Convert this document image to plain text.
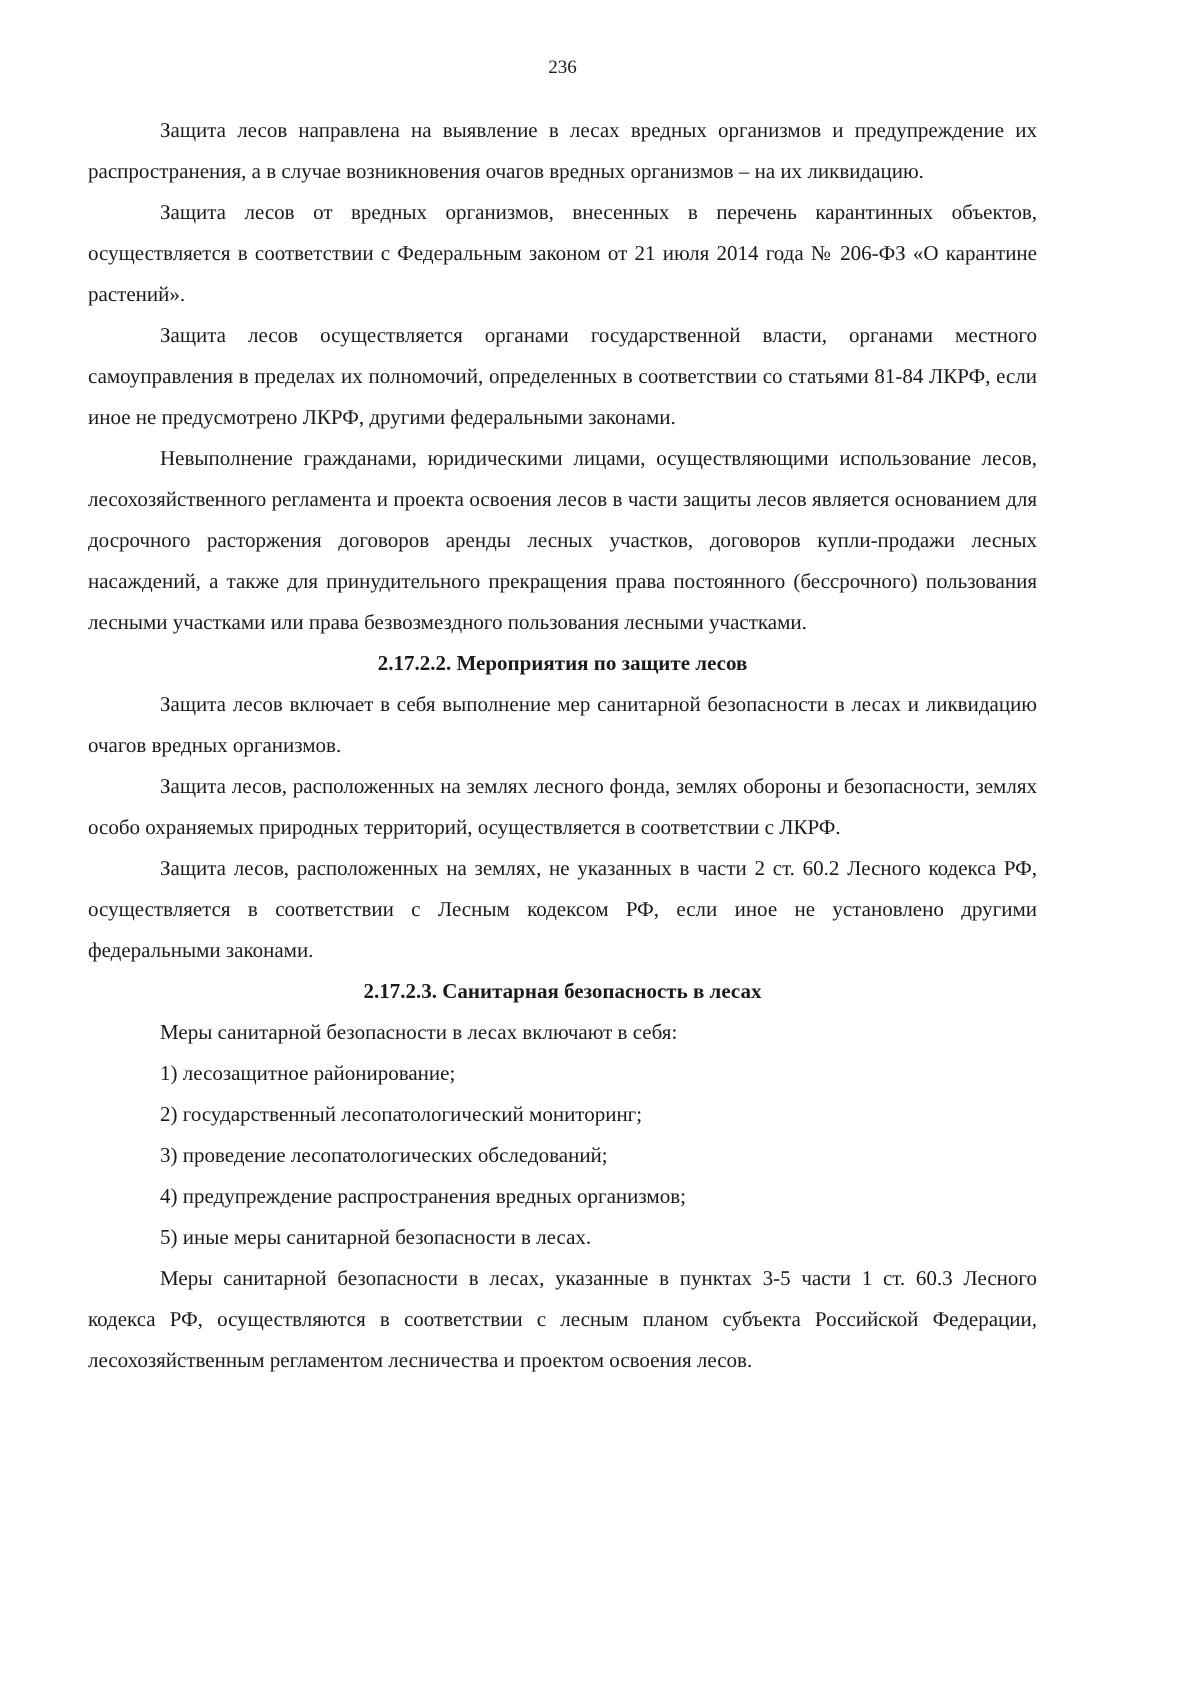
236

Защита лесов направлена на выявление в лесах вредных организмов и предупреждение их распространения, а в случае возникновения очагов вредных организмов – на их ликвидацию.

Защита лесов от вредных организмов, внесенных в перечень карантинных объектов, осуществляется в соответствии с Федеральным законом от 21 июля 2014 года № 206-ФЗ «О карантине растений».

Защита лесов осуществляется органами государственной власти, органами местного самоуправления в пределах их полномочий, определенных в соответствии со статьями 81-84 ЛКРФ, если иное не предусмотрено ЛКРФ, другими федеральными законами.

Невыполнение гражданами, юридическими лицами, осуществляющими использование лесов, лесохозяйственного регламента и проекта освоения лесов в части защиты лесов является основанием для досрочного расторжения договоров аренды лесных участков, договоров купли-продажи лесных насаждений, а также для принудительного прекращения права постоянного (бессрочного) пользования лесными участками или права безвозмездного пользования лесными участками.

2.17.2.2. Мероприятия по защите лесов

Защита лесов включает в себя выполнение мер санитарной безопасности в лесах и ликвидацию очагов вредных организмов.

Защита лесов, расположенных на землях лесного фонда, землях обороны и безопасности, землях особо охраняемых природных территорий, осуществляется в соответствии с ЛКРФ.

Защита лесов, расположенных на землях, не указанных в части 2 ст. 60.2 Лесного кодекса РФ, осуществляется в соответствии с Лесным кодексом РФ, если иное не установлено другими федеральными законами.

2.17.2.3. Санитарная безопасность в лесах

Меры санитарной безопасности в лесах включают в себя:

1) лесозащитное районирование;

2) государственный лесопатологический мониторинг;

3) проведение лесопатологических обследований;

4) предупреждение распространения вредных организмов;

5) иные меры санитарной безопасности в лесах.

Меры санитарной безопасности в лесах, указанные в пунктах 3-5 части 1 ст. 60.3 Лесного кодекса РФ, осуществляются в соответствии с лесным планом субъекта Российской Федерации, лесохозяйственным регламентом лесничества и проектом освоения лесов.
